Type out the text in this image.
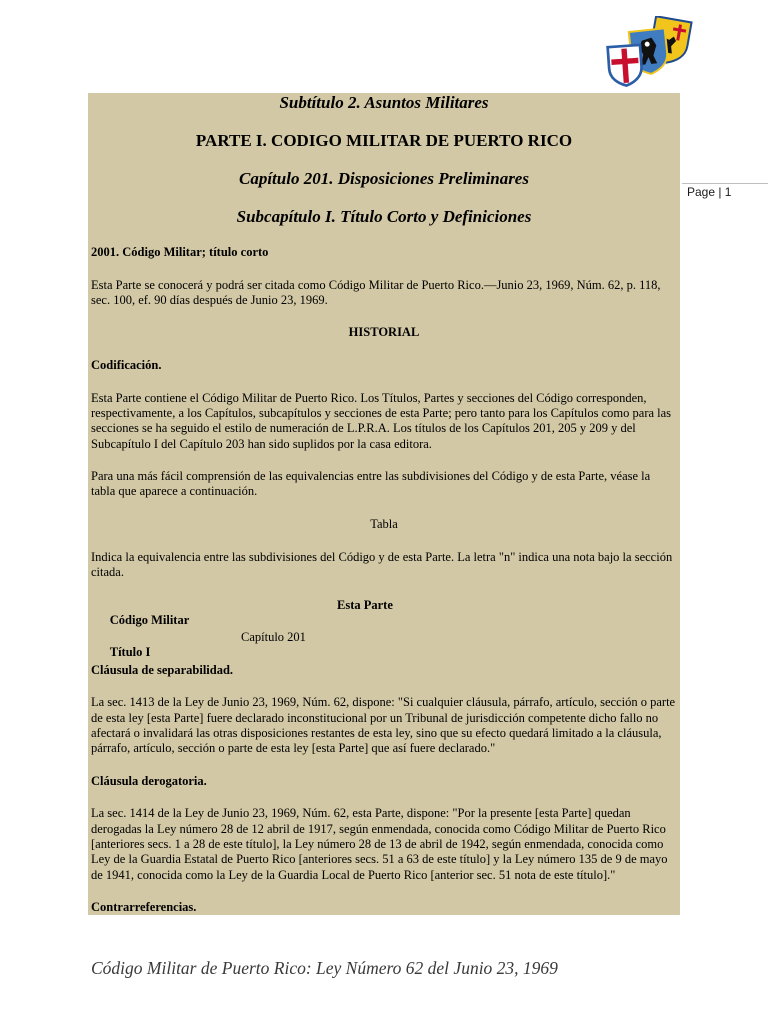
Page | 1
Subtítulo 2. Asuntos Militares
PARTE I. CODIGO MILITAR DE PUERTO RICO
Capítulo 201. Disposiciones Preliminares
Subcapítulo I. Título Corto y Definiciones
2001. Código Militar; título corto
Esta Parte se conocerá y podrá ser citada como Código Militar de Puerto Rico.—Junio 23, 1969, Núm. 62, p. 118,
sec. 100, ef. 90 días después de Junio 23, 1969.
HISTORIAL
Codificación.
Esta Parte contiene el Código Militar de Puerto Rico. Los Títulos, Partes y secciones del Código corresponden,
respectivamente, a los Capítulos, subcapítulos y secciones de esta Parte; pero tanto para los Capítulos como para las
secciones se ha seguido el estilo de numeración de L.P.R.A. Los títulos de los Capítulos 201, 205 y 209 y del
Subcapítulo I del Capítulo 203 han sido suplidos por la casa editora.
Para una más fácil comprensión de las equivalencias entre las subdivisiones del Código y de esta Parte, véase la
tabla que aparece a continuación.
Tabla
Indica la equivalencia entre las subdivisiones del Código y de esta Parte. La letra "n" indica una nota bajo la sección
citada.

Código Militar

Esta Parte

Título I

Capítulo 201

Cláusula de separabilidad.
La sec. 1413 de la Ley de Junio 23, 1969, Núm. 62, dispone: "Si cualquier cláusula, párrafo, artículo, sección o parte
de esta ley [esta Parte] fuere declarado inconstitucional por un Tribunal de jurisdicción competente dicho fallo no
afectará o invalidará las otras disposiciones restantes de esta ley, sino que su efecto quedará limitado a la cláusula,
párrafo, artículo, sección o parte de esta ley [esta Parte] que así fuere declarado."
Cláusula derogatoria.
La sec. 1414 de la Ley de Junio 23, 1969, Núm. 62, esta Parte, dispone: "Por la presente [esta Parte] quedan
derogadas la Ley número 28 de 12 abril de 1917, según enmendada, conocida como Código Militar de Puerto Rico
[anteriores secs. 1 a 28 de este título], la Ley número 28 de 13 de abril de 1942, según enmendada, conocida como
Ley de la Guardia Estatal de Puerto Rico [anteriores secs. 51 a 63 de este título] y la Ley número 135 de 9 de mayo
de 1941, conocida como la Ley de la Guardia Local de Puerto Rico [anterior sec. 51 nota de este título]."
Contrarreferencias.
Código Militar de Puerto Rico: Ley Número 62 del Junio 23, 1969
